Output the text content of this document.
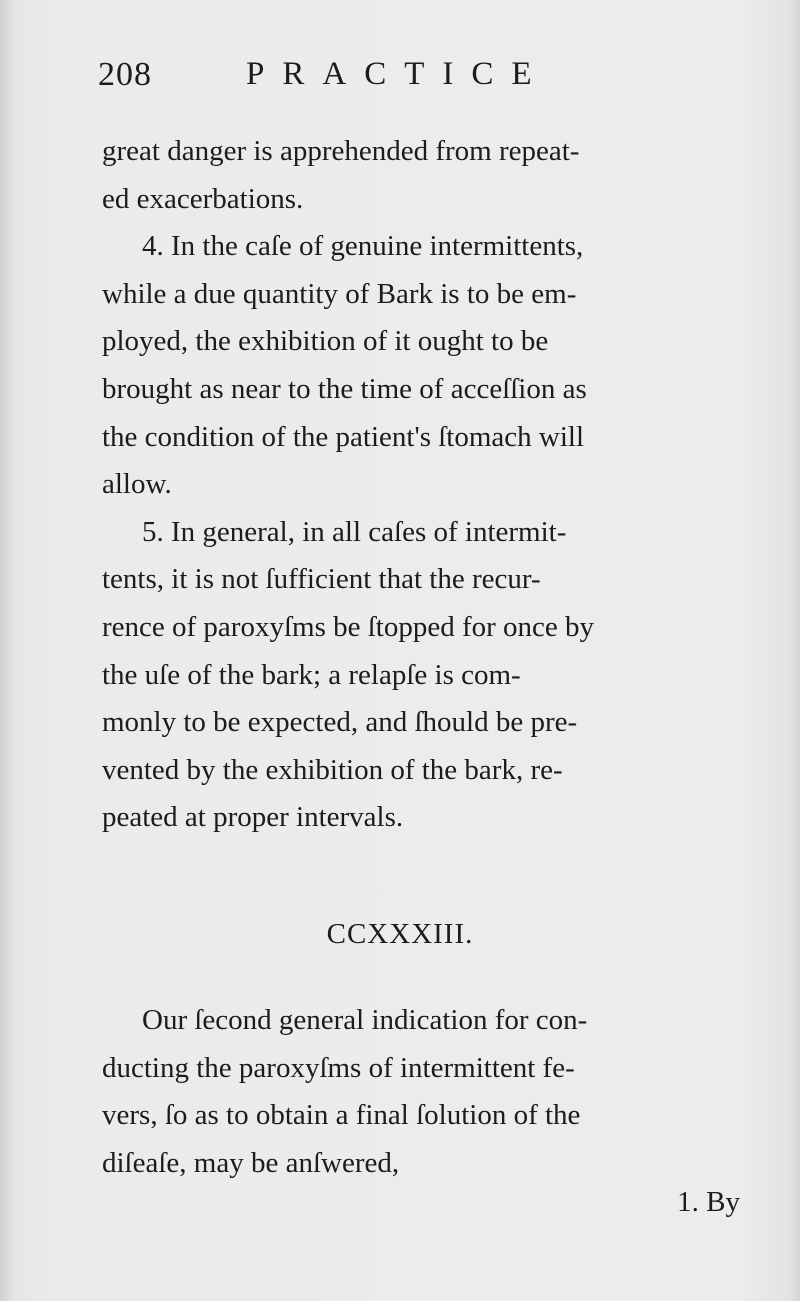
208	PRACTICE
great danger is apprehended from repeat-
ed exacerbations.
4. In the caſe of genuine intermittents,
while a due quantity of Bark is to be em-
ployed, the exhibition of it ought to be
brought as near to the time of acceſſion as
the condition of the patient's ſtomach will
allow.
5. In general, in all caſes of intermit-
tents, it is not ſufficient that the recur-
rence of paroxyſms be ſtopped for once by
the uſe of the bark; a relapſe is com-
monly to be expected, and ſhould be pre-
vented by the exhibition of the bark, re-
peated at proper intervals.
CCXXXIII.
Our ſecond general indication for con-
ducting the paroxyſms of intermittent fe-
vers, ſo as to obtain a final ſolution of the
diſeaſe, may be anſwered,
1. By
